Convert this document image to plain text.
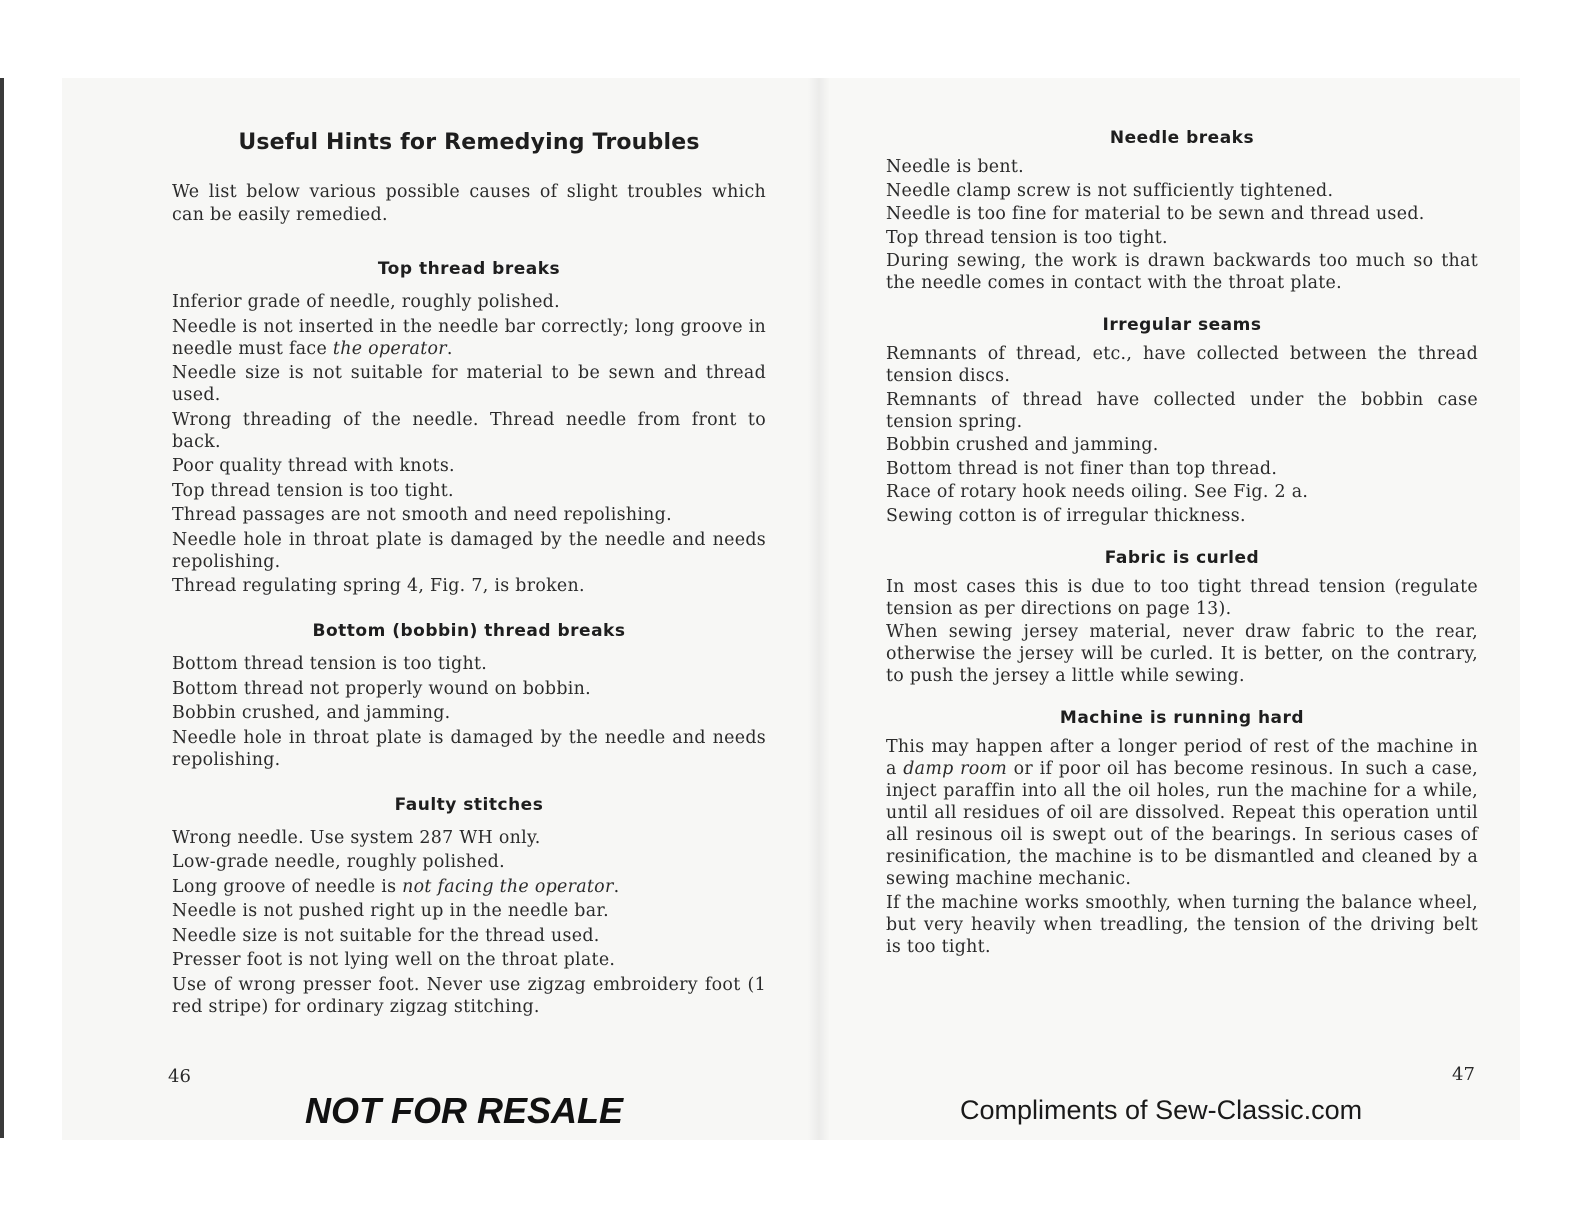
Useful Hints for Remedying Troubles

We list below various possible causes of slight troubles which can be easily remedied.

Top thread breaks
Inferior grade of needle, roughly polished.
Needle is not inserted in the needle bar correctly; long groove in needle must face the operator.
Needle size is not suitable for material to be sewn and thread used.
Wrong threading of the needle. Thread needle from front to back.
Poor quality thread with knots.
Top thread tension is too tight.
Thread passages are not smooth and need repolishing.
Needle hole in throat plate is damaged by the needle and needs repolishing.
Thread regulating spring 4, Fig. 7, is broken.
Bottom (bobbin) thread breaks
Bottom thread tension is too tight.
Bottom thread not properly wound on bobbin.
Bobbin crushed, and jamming.
Needle hole in throat plate is damaged by the needle and needs repolishing.
Faulty stitches
Wrong needle. Use system 287 WH only.
Low-grade needle, roughly polished.
Long groove of needle is not facing the operator.
Needle is not pushed right up in the needle bar.
Needle size is not suitable for the thread used.
Presser foot is not lying well on the throat plate.
Use of wrong presser foot. Never use zigzag embroidery foot (1 red stripe) for ordinary zigzag stitching.
46
NOT FOR RESALE
Needle breaks
Needle is bent.
Needle clamp screw is not sufficiently tightened.
Needle is too fine for material to be sewn and thread used.
Top thread tension is too tight.
During sewing, the work is drawn backwards too much so that the needle comes in contact with the throat plate.
Irregular seams
Remnants of thread, etc., have collected between the thread tension discs.
Remnants of thread have collected under the bobbin case tension spring.
Bobbin crushed and jamming.
Bottom thread is not finer than top thread.
Race of rotary hook needs oiling. See Fig. 2 a.
Sewing cotton is of irregular thickness.
Fabric is curled
In most cases this is due to too tight thread tension (regulate tension as per directions on page 13).
When sewing jersey material, never draw fabric to the rear, otherwise the jersey will be curled. It is better, on the contrary, to push the jersey a little while sewing.
Machine is running hard
This may happen after a longer period of rest of the machine in a damp room or if poor oil has become resinous. In such a case, inject paraffin into all the oil holes, run the machine for a while, until all residues of oil are dissolved. Repeat this operation until all resinous oil is swept out of the bearings. In serious cases of resinification, the machine is to be dismantled and cleaned by a sewing machine mechanic.
If the machine works smoothly, when turning the balance wheel, but very heavily when treadling, the tension of the driving belt is too tight.
47
Compliments of Sew-Classic.com
